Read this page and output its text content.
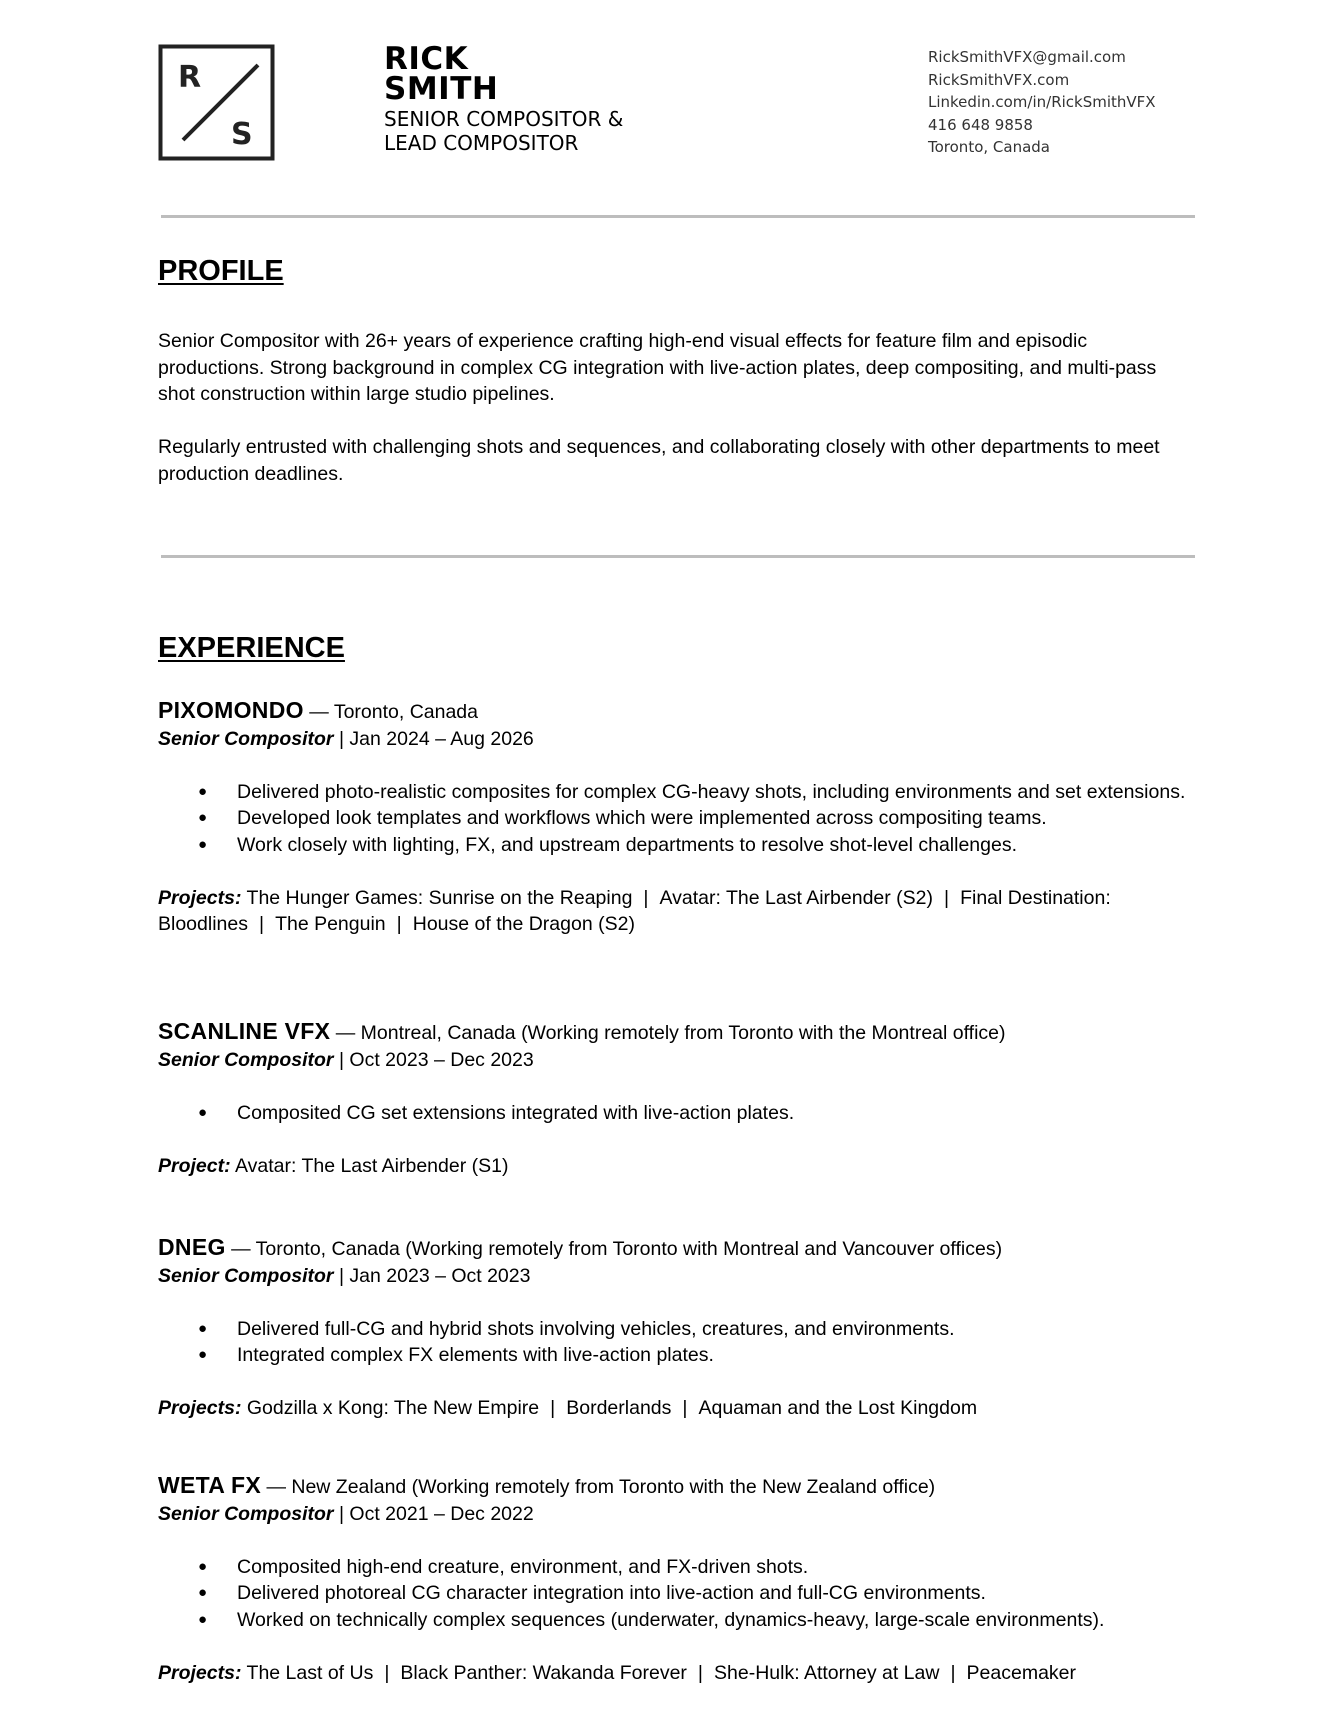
R
S
RICK
SMITH
SENIOR COMPOSITOR &
LEAD COMPOSITOR
RickSmithVFX@gmail.com
RickSmithVFX.com
Linkedin.com/in/RickSmithVFX
416 648 9858
Toronto, Canada
PROFILE

Senior Compositor with 26+ years of experience crafting high-end visual effects for feature film and episodic productions. Strong background in complex CG integration with live-action plates, deep compositing, and multi-pass shot construction within large studio pipelines.

Regularly entrusted with challenging shots and sequences, and collaborating closely with other departments to meet production deadlines.

EXPERIENCE
PIXOMONDO — Toronto, Canada
Senior Compositor | Jan 2024 – Aug 2026
● Delivered photo-realistic composites for complex CG-heavy shots, including environments and set extensions.
● Developed look templates and workflows which were implemented across compositing teams.
● Work closely with lighting, FX, and upstream departments to resolve shot-level challenges.
Projects: The Hunger Games: Sunrise on the Reaping | Avatar: The Last Airbender (S2) | Final Destination: Bloodlines | The Penguin | House of the Dragon (S2)
SCANLINE VFX — Montreal, Canada (Working remotely from Toronto with the Montreal office)
Senior Compositor | Oct 2023 – Dec 2023
● Composited CG set extensions integrated with live-action plates.
Project: Avatar: The Last Airbender (S1)
DNEG — Toronto, Canada (Working remotely from Toronto with Montreal and Vancouver offices)
Senior Compositor | Jan 2023 – Oct 2023
● Delivered full-CG and hybrid shots involving vehicles, creatures, and environments.
● Integrated complex FX elements with live-action plates.
Projects: Godzilla x Kong: The New Empire | Borderlands | Aquaman and the Lost Kingdom
WETA FX — New Zealand (Working remotely from Toronto with the New Zealand office)
Senior Compositor | Oct 2021 – Dec 2022
● Composited high-end creature, environment, and FX-driven shots.
● Delivered photoreal CG character integration into live-action and full-CG environments.
● Worked on technically complex sequences (underwater, dynamics-heavy, large-scale environments).
Projects: The Last of Us | Black Panther: Wakanda Forever | She-Hulk: Attorney at Law | Peacemaker
